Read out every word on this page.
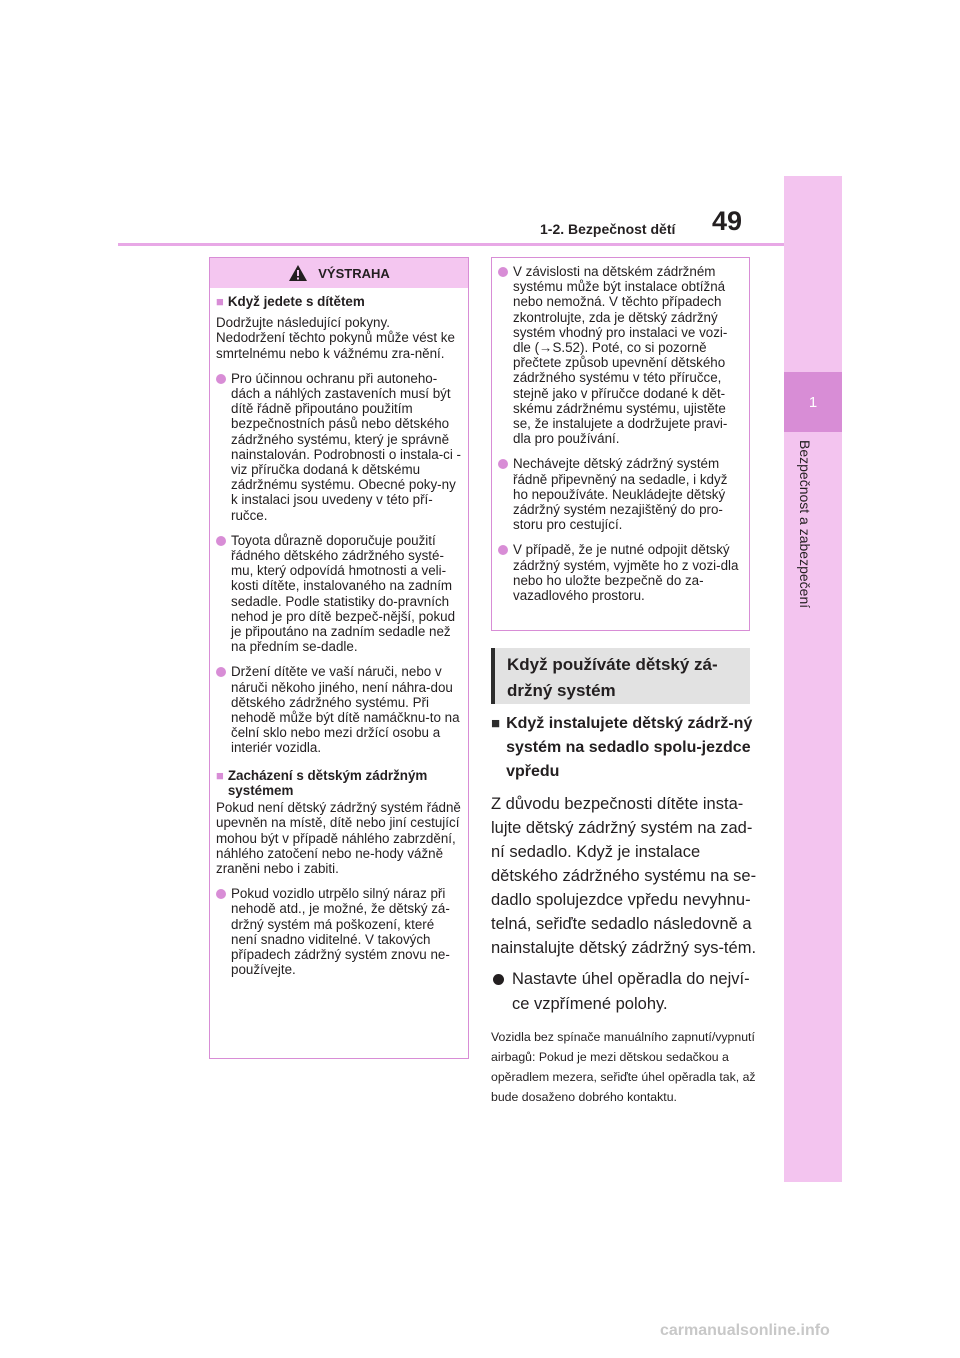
1-2. Bezpečnost dětí 49
1
Bezpečnost a zabezpečení
VÝSTRAHA
■ Když jedete s dítětem
Dodržujte následující pokyny. Nedodržení těchto pokynů může vést ke smrtelnému nebo k vážnému zra-nění.
Pro účinnou ochranu při autoneho-dách a náhlých zastaveních musí být dítě řádně připoutáno použitím bezpečnostních pásů nebo dětského zádržného systému, který je správně nainstalován. Podrobnosti o instala-ci - viz příručka dodaná k dětskému zádržnému systému. Obecné poky-ny k instalaci jsou uvedeny v této pří-ručce.
Toyota důrazně doporučuje použití řádného dětského zádržného systé-mu, který odpovídá hmotnosti a veli-kosti dítěte, instalovaného na zadním sedadle. Podle statistiky do-pravních nehod je pro dítě bezpeč-nější, pokud je připoutáno na zadním sedadle než na předním se-dadle.
Držení dítěte ve vaší náruči, nebo v náruči někoho jiného, není náhra-dou dětského zádržného systému. Při nehodě může být dítě namáčknu-to na čelní sklo nebo mezi držící osobu a interiér vozidla.
■ Zacházení s dětským zádržným systémem
Pokud není dětský zádržný systém řádně upevněn na místě, dítě nebo jiní cestující mohou být v případě náhlého zabrzdění, náhlého zatočení nebo ne-hody vážně zraněni nebo i zabiti.
Pokud vozidlo utrpělo silný náraz při nehodě atd., je možné, že dětský zá-držný systém má poškození, které není snadno viditelné. V takových případech zádržný systém znovu ne-používejte.
V závislosti na dětském zádržném systému může být instalace obtížná nebo nemožná. V těchto případech zkontrolujte, zda je dětský zádržný systém vhodný pro instalaci ve vozi-dle (→S.52). Poté, co si pozorně přečtete způsob upevnění dětského zádržného systému v této příručce, stejně jako v příručce dodané k dět-skému zádržnému systému, ujistěte se, že instalujete a dodržujete pravi-dla pro používání.
Nechávejte dětský zádržný systém řádně připevněný na sedadle, i když ho nepoužíváte. Neukládejte dětský zádržný systém nezajištěný do pro-storu pro cestující.
V případě, že je nutné odpojit dětský zádržný systém, vyjměte ho z vozi-dla nebo ho uložte bezpečně do za-vazadlového prostoru.
Když používáte dětský zá-držný systém
■ Když instalujete dětský zádrž-ný systém na sedadlo spolu-jezdce vpředu
Z důvodu bezpečnosti dítěte insta-lujte dětský zádržný systém na zad-ní sedadlo. Když je instalace dětského zádržného systému na se-dadlo spolujezdce vpředu nevyhnu-telná, seřiďte sedadlo následovně a nainstalujte dětský zádržný sys-tém.
Nastavte úhel opěradla do nejví-ce vzpřímené polohy.
Vozidla bez spínače manuálního zapnutí/vypnutí airbagů: Pokud je mezi dětskou sedačkou a opěradlem mezera, seřiďte úhel opěradla tak, až bude dosaženo dobrého kontaktu.
carmanualsonline.info
